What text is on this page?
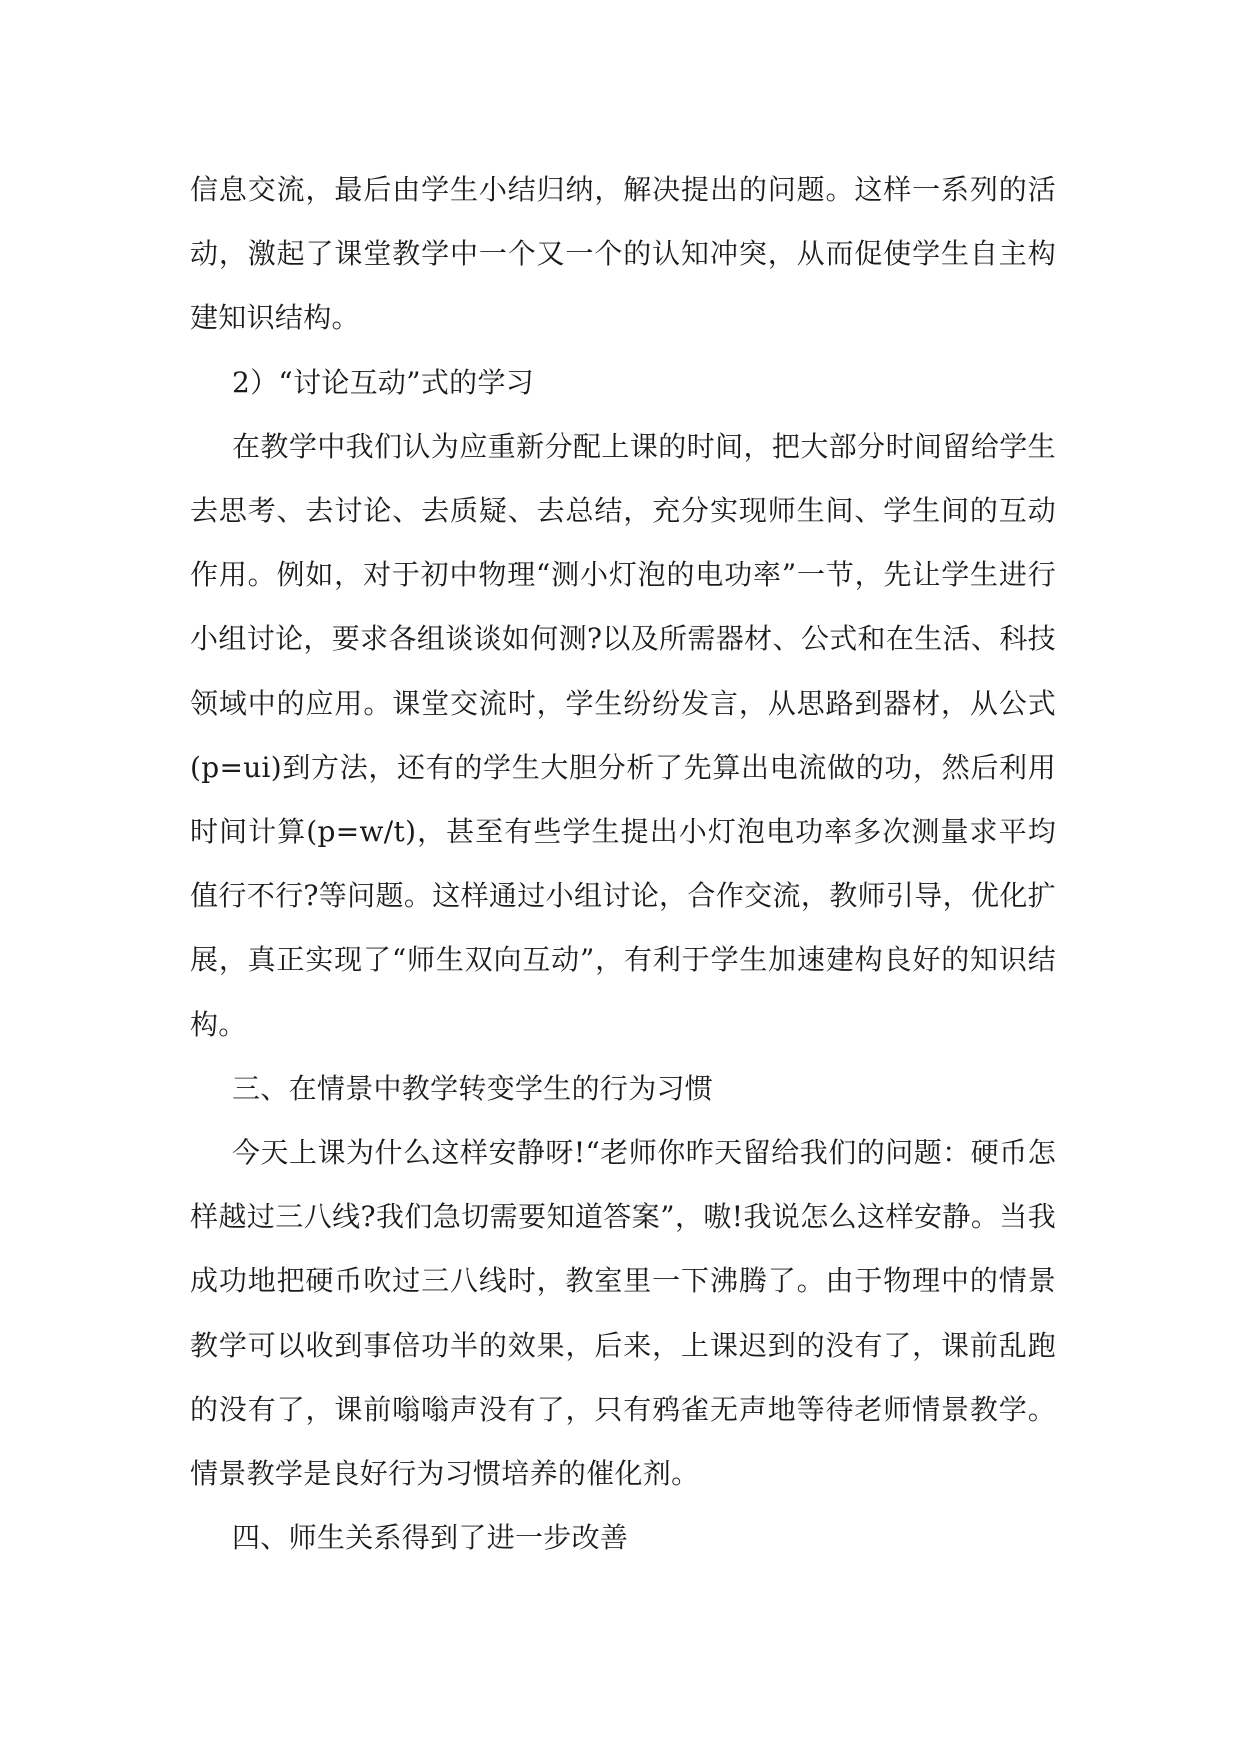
信息交流，最后由学生小结归纳，解决提出的问题。这样一系列的活动，激起了课堂教学中一个又一个的认知冲突，从而促使学生自主构建知识结构。

2）“讨论互动”式的学习

在教学中我们认为应重新分配上课的时间，把大部分时间留给学生去思考、去讨论、去质疑、去总结，充分实现师生间、学生间的互动作用。例如，对于初中物理“测小灯泡的电功率”一节，先让学生进行小组讨论，要求各组谈谈如何测?以及所需器材、公式和在生活、科技领域中的应用。课堂交流时，学生纷纷发言，从思路到器材，从公式(p=ui)到方法，还有的学生大胆分析了先算出电流做的功，然后利用时间计算(p=w/t)，甚至有些学生提出小灯泡电功率多次测量求平均值行不行?等问题。这样通过小组讨论，合作交流，教师引导，优化扩展，真正实现了“师生双向互动”，有利于学生加速建构良好的知识结构。

三、在情景中教学转变学生的行为习惯

今天上课为什么这样安静呀!“老师你昨天留给我们的问题：硬币怎样越过三八线?我们急切需要知道答案”，嗷!我说怎么这样安静。当我成功地把硬币吹过三八线时，教室里一下沸腾了。由于物理中的情景教学可以收到事倍功半的效果，后来，上课迟到的没有了，课前乱跑的没有了，课前嗡嗡声没有了，只有鸦雀无声地等待老师情景教学。情景教学是良好行为习惯培养的催化剂。

四、师生关系得到了进一步改善
